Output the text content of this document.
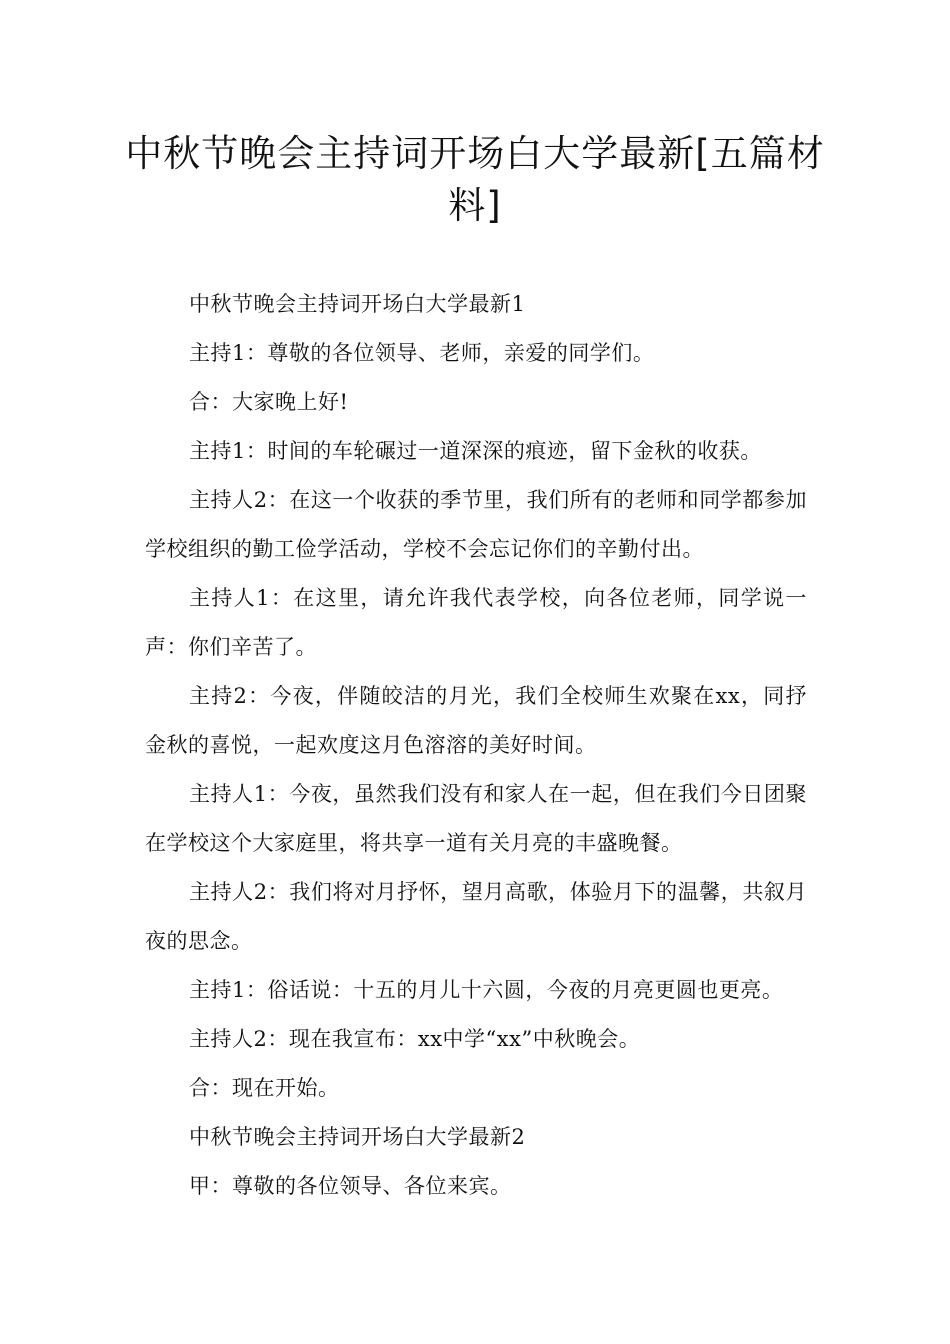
中秋节晚会主持词开场白大学最新[五篇材料]

中秋节晚会主持词开场白大学最新1

主持1：尊敬的各位领导、老师，亲爱的同学们。

合：大家晚上好!

主持1：时间的车轮碾过一道深深的痕迹，留下金秋的收获。

主持人2：在这一个收获的季节里，我们所有的老师和同学都参加学校组织的勤工俭学活动，学校不会忘记你们的辛勤付出。

主持人1：在这里，请允许我代表学校，向各位老师，同学说一声：你们辛苦了。

主持2：今夜，伴随皎洁的月光，我们全校师生欢聚在xx，同抒金秋的喜悦，一起欢度这月色溶溶的美好时间。

主持人1：今夜，虽然我们没有和家人在一起，但在我们今日团聚在学校这个大家庭里，将共享一道有关月亮的丰盛晚餐。

主持人2：我们将对月抒怀，望月高歌，体验月下的温馨，共叙月夜的思念。

主持1：俗话说：十五的月儿十六圆，今夜的月亮更圆也更亮。

主持人2：现在我宣布：xx中学“xx”中秋晚会。

合：现在开始。

中秋节晚会主持词开场白大学最新2

甲：尊敬的各位领导、各位来宾。
